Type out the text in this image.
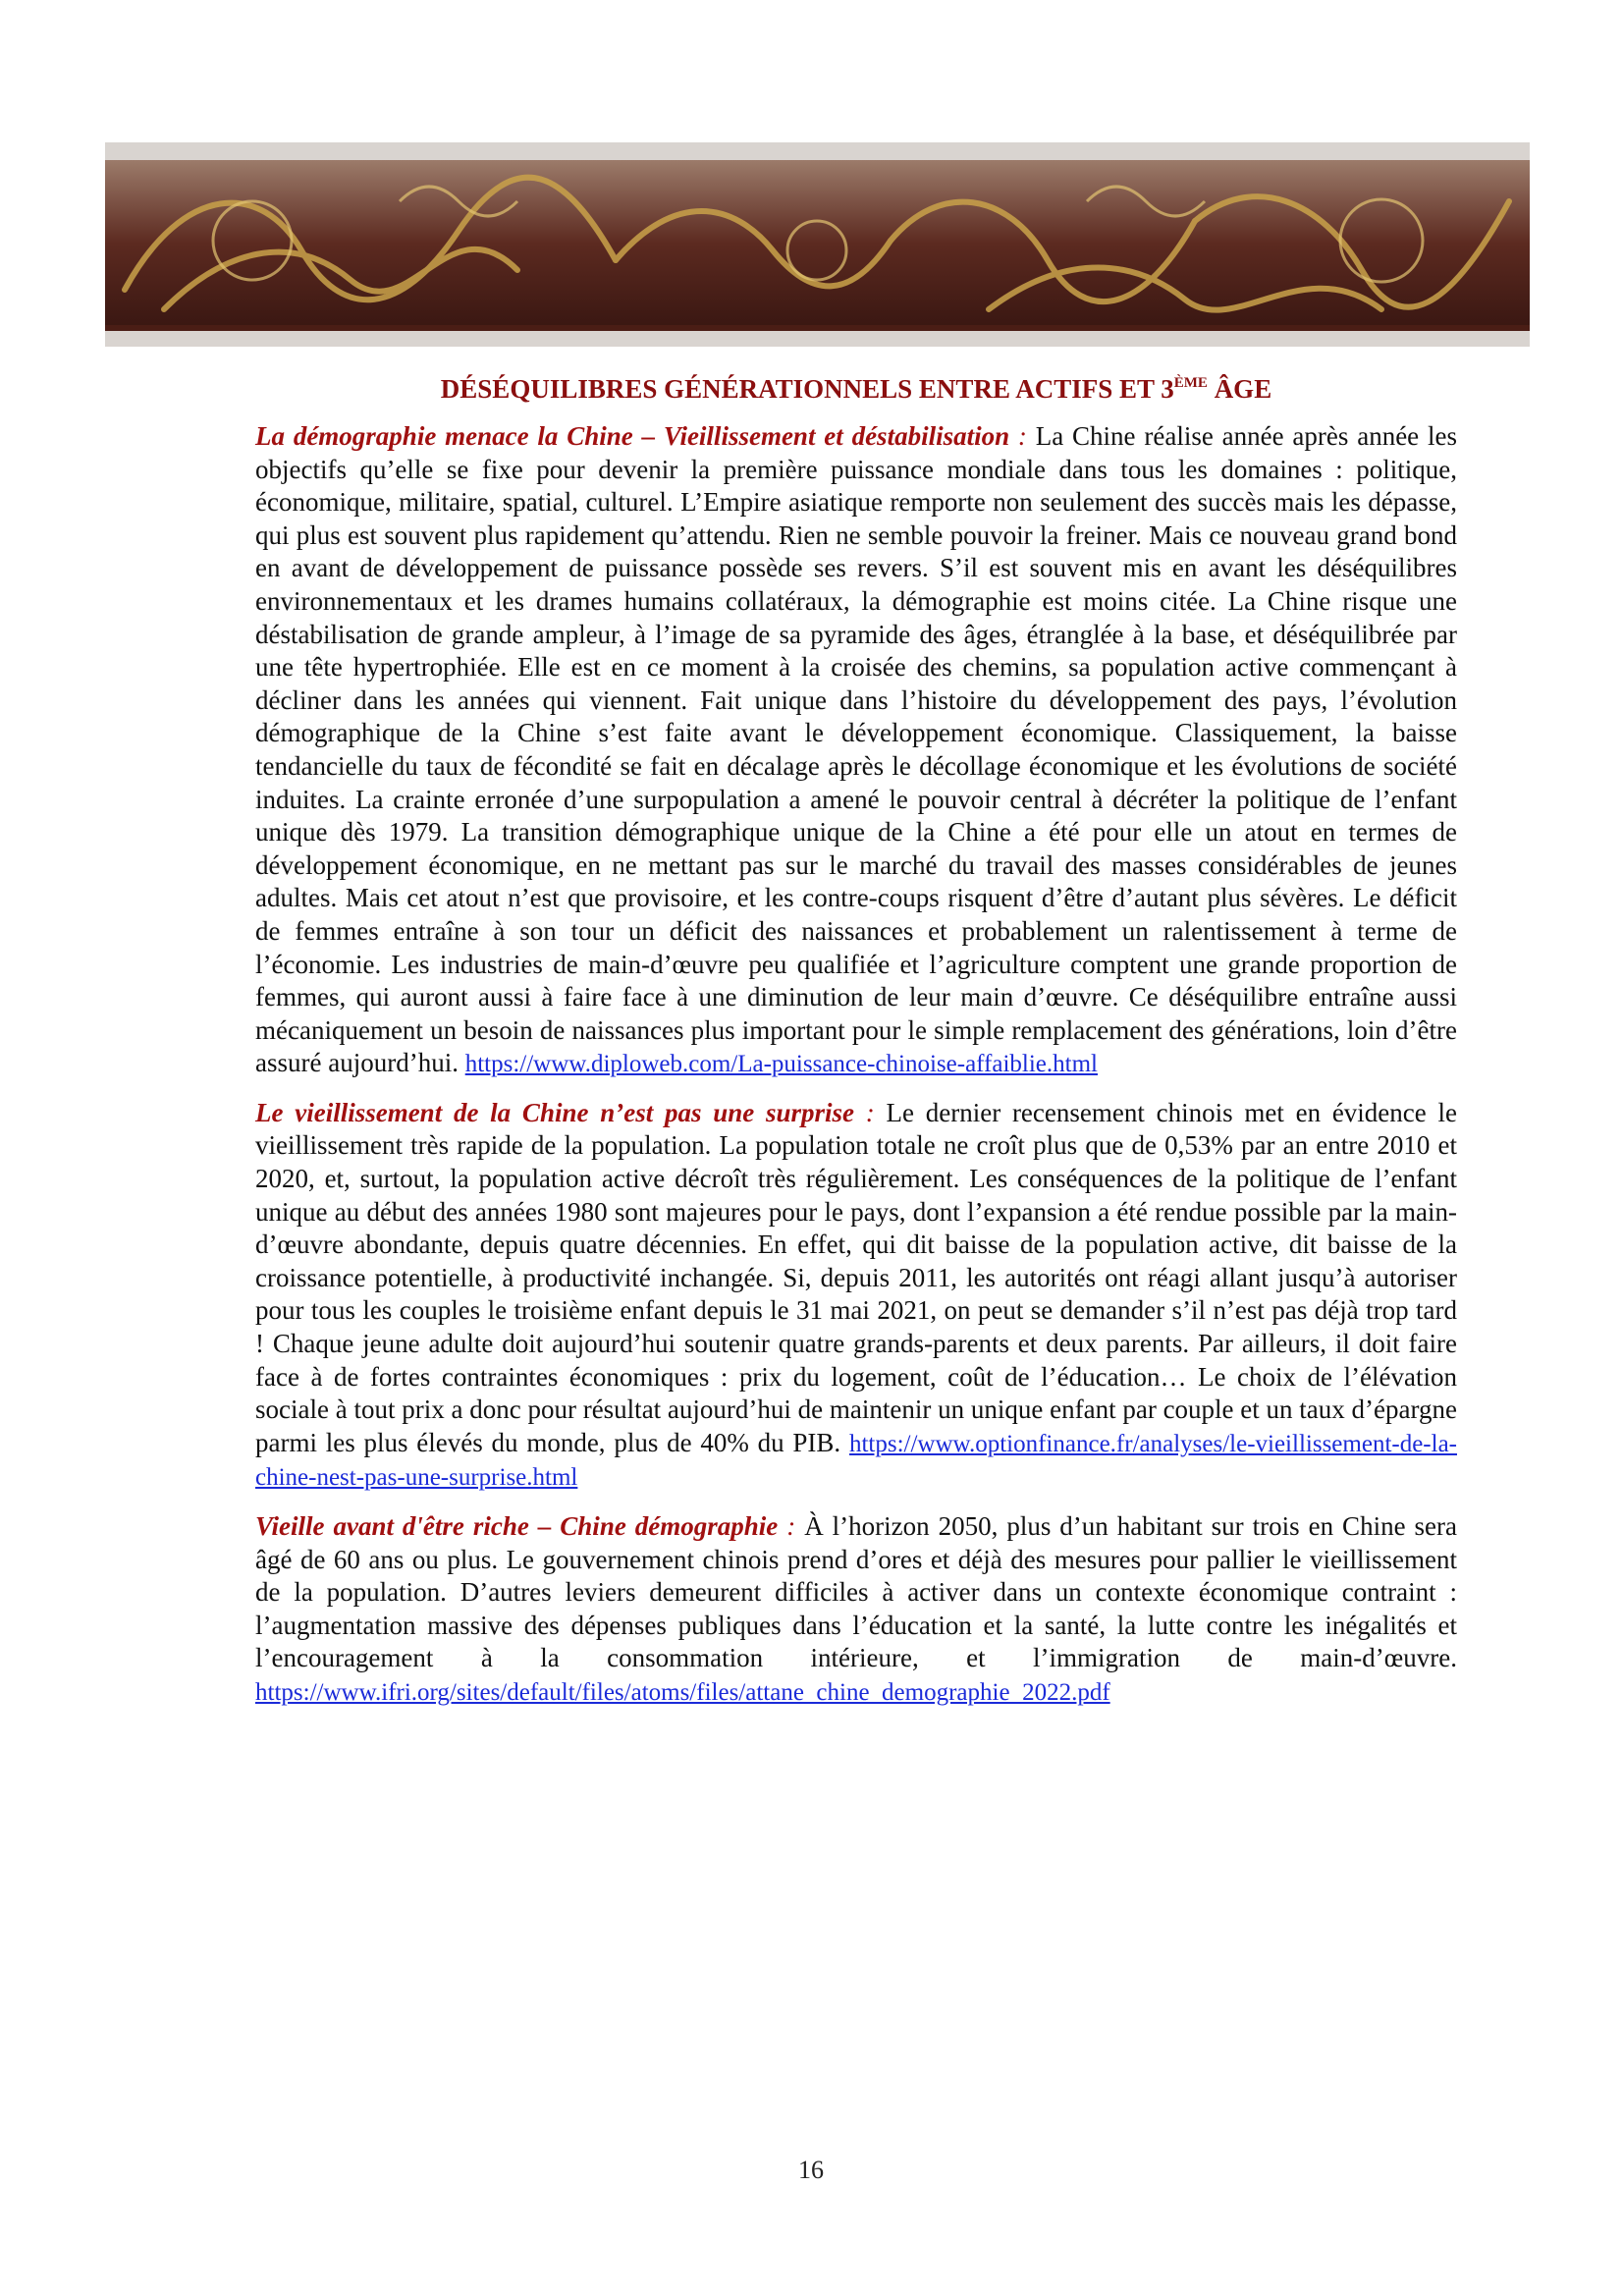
DÉSÉQUILIBRES GÉNÉRATIONNELS ENTRE ACTIFS ET 3ÈME ÂGE

La démographie menace la Chine – Vieillissement et déstabilisation : La Chine réalise année après année les objectifs qu’elle se fixe pour devenir la première puissance mondiale dans tous les domaines : politique, économique, militaire, spatial, culturel. L’Empire asiatique remporte non seulement des succès mais les dépasse, qui plus est souvent plus rapidement qu’attendu. Rien ne semble pouvoir la freiner. Mais ce nouveau grand bond en avant de développement de puissance possède ses revers. S’il est souvent mis en avant les déséquilibres environnementaux et les drames humains collatéraux, la démographie est moins citée. La Chine risque une déstabilisation de grande ampleur, à l’image de sa pyramide des âges, étranglée à la base, et déséquilibrée par une tête hypertrophiée. Elle est en ce moment à la croisée des chemins, sa population active commençant à décliner dans les années qui viennent. Fait unique dans l’histoire du développement des pays, l’évolution démographique de la Chine s’est faite avant le développement économique. Classiquement, la baisse tendancielle du taux de fécondité se fait en décalage après le décollage économique et les évolutions de société induites. La crainte erronée d’une surpopulation a amené le pouvoir central à décréter la politique de l’enfant unique dès 1979. La transition démographique unique de la Chine a été pour elle un atout en termes de développement économique, en ne mettant pas sur le marché du travail des masses considérables de jeunes adultes. Mais cet atout n’est que provisoire, et les contre-coups risquent d’être d’autant plus sévères. Le déficit de femmes entraîne à son tour un déficit des naissances et probablement un ralentissement à terme de l’économie. Les industries de main-d’œuvre peu qualifiée et l’agriculture comptent une grande proportion de femmes, qui auront aussi à faire face à une diminution de leur main d’œuvre. Ce déséquilibre entraîne aussi mécaniquement un besoin de naissances plus important pour le simple remplacement des générations, loin d’être assuré aujourd’hui. https://www.diploweb.com/La-puissance-chinoise-affaiblie.html

Le vieillissement de la Chine n’est pas une surprise : Le dernier recensement chinois met en évidence le vieillissement très rapide de la population. La population totale ne croît plus que de 0,53% par an entre 2010 et 2020, et, surtout, la population active décroît très régulièrement. Les conséquences de la politique de l’enfant unique au début des années 1980 sont majeures pour le pays, dont l’expansion a été rendue possible par la main-d’œuvre abondante, depuis quatre décennies. En effet, qui dit baisse de la population active, dit baisse de la croissance potentielle, à productivité inchangée. Si, depuis 2011, les autorités ont réagi allant jusqu’à autoriser pour tous les couples le troisième enfant depuis le 31 mai 2021, on peut se demander s’il n’est pas déjà trop tard ! Chaque jeune adulte doit aujourd’hui soutenir quatre grands-parents et deux parents. Par ailleurs, il doit faire face à de fortes contraintes économiques : prix du logement, coût de l’éducation… Le choix de l’élévation sociale à tout prix a donc pour résultat aujourd’hui de maintenir un unique enfant par couple et un taux d’épargne parmi les plus élevés du monde, plus de 40% du PIB. https://www.optionfinance.fr/analyses/le-vieillissement-de-la-chine-nest-pas-une-surprise.html

Vieille avant d'être riche – Chine démographie : À l’horizon 2050, plus d’un habitant sur trois en Chine sera âgé de 60 ans ou plus. Le gouvernement chinois prend d’ores et déjà des mesures pour pallier le vieillissement de la population. D’autres leviers demeurent difficiles à activer dans un contexte économique contraint : l’augmentation massive des dépenses publiques dans l’éducation et la santé, la lutte contre les inégalités et l’encouragement à la consommation intérieure, et l’immigration de main-d’œuvre. https://www.ifri.org/sites/default/files/atoms/files/attane_chine_demographie_2022.pdf

16
